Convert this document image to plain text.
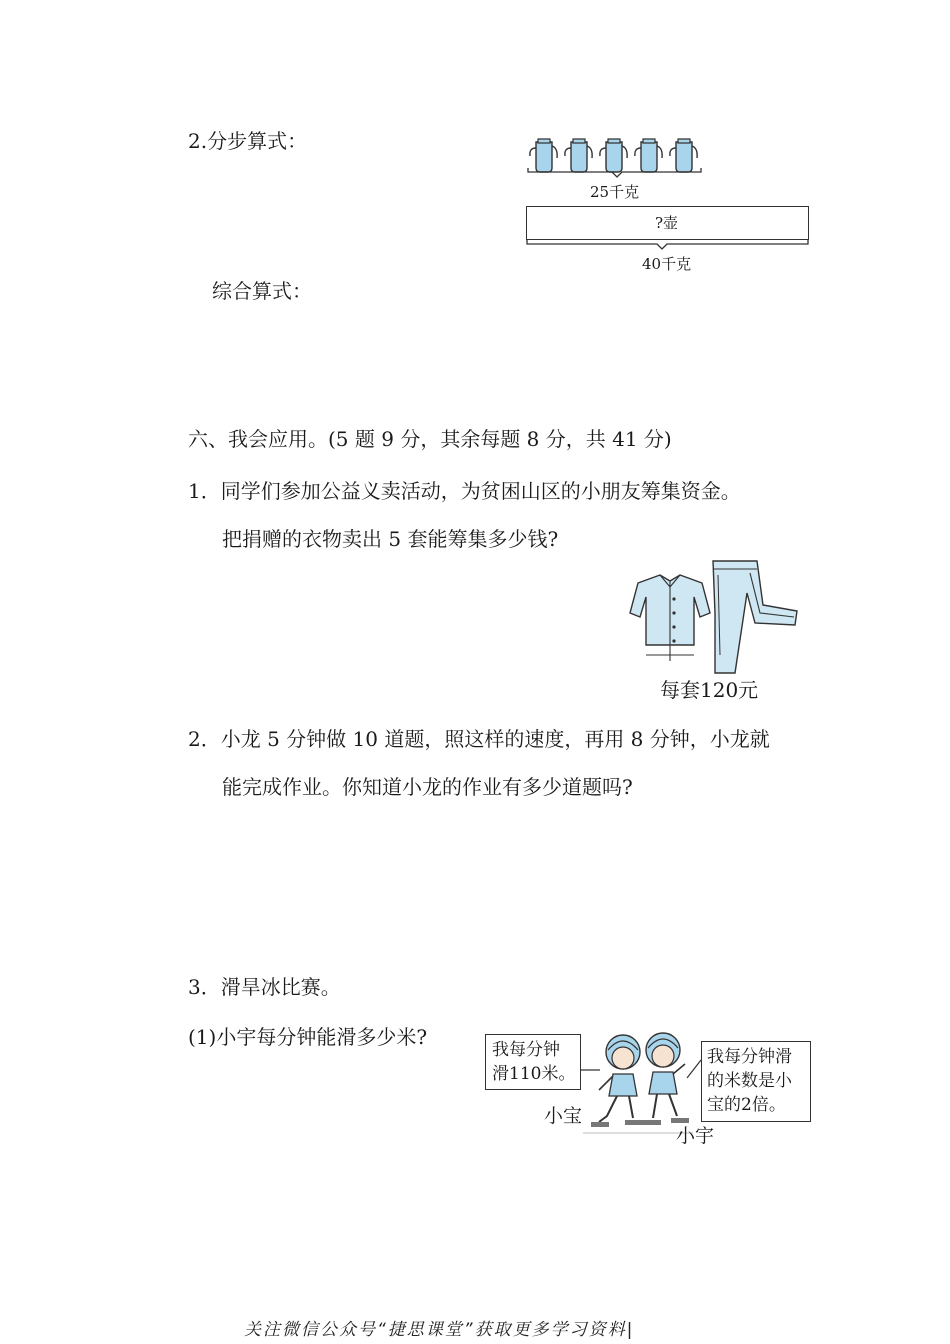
2.分步算式：
25千克
?壶
40千克
综合算式：
六、我会应用。(5 题 9 分，其余每题 8 分，共 41 分)
1．同学们参加公益义卖活动，为贫困山区的小朋友筹集资金。
把捐赠的衣物卖出 5 套能筹集多少钱?
每套120元
2．小龙 5 分钟做 10 道题，照这样的速度，再用 8 分钟，小龙就
能完成作业。你知道小龙的作业有多少道题吗?
3．滑旱冰比赛。
(1)小宇每分钟能滑多少米?
我每分钟
滑110米。
我每分钟滑
的米数是小
宝的2倍。
小宝
小宇
关注微信公众号“捷思课堂”获取更多学习资料|
